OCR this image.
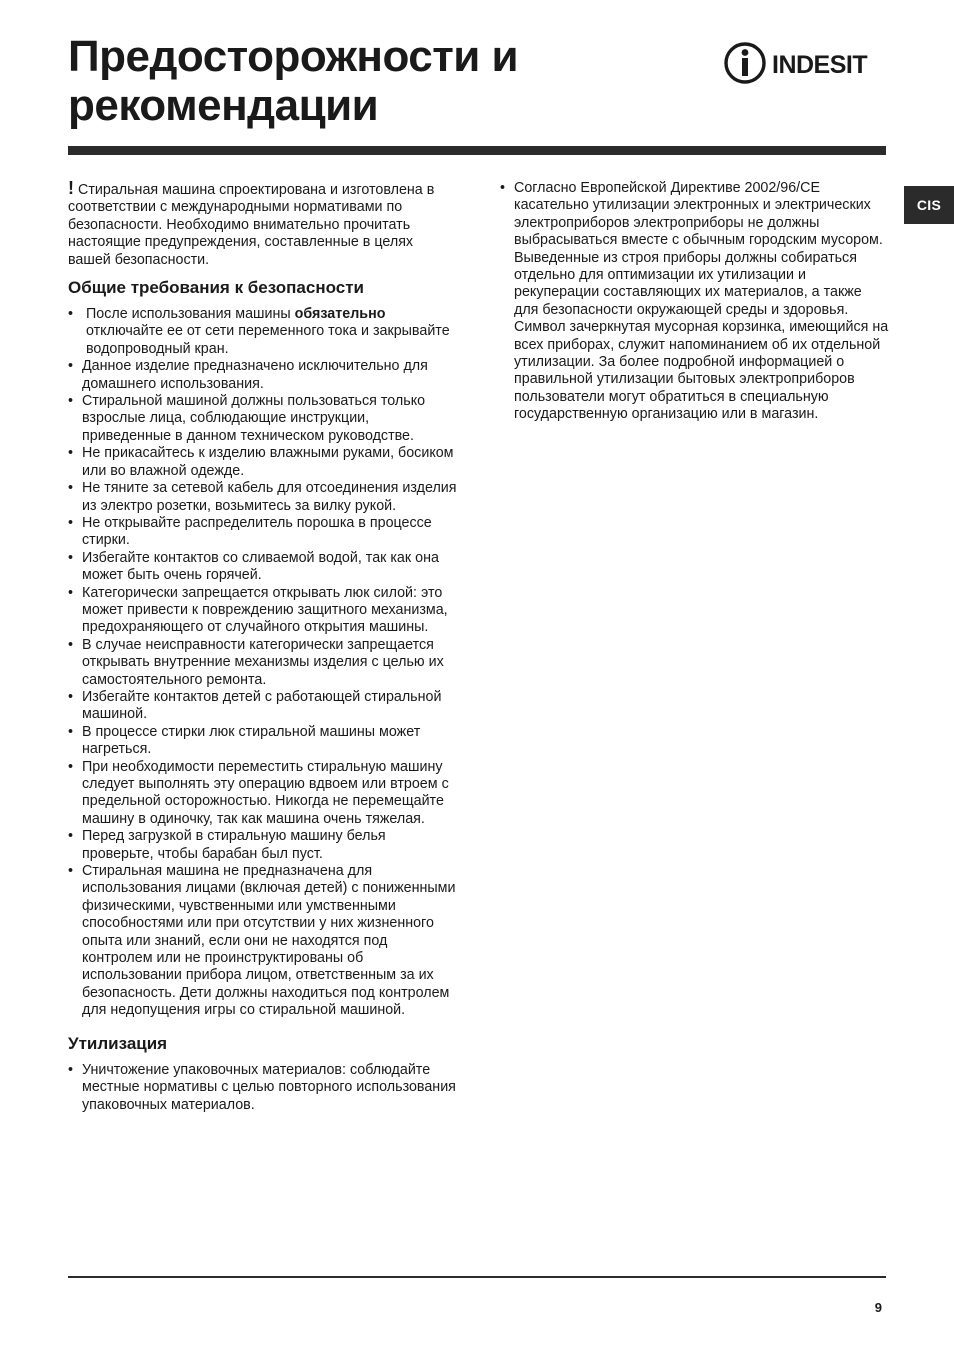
Предосторожности и
рекомендации
INDESIT
CIS

! Стиральная машина спроектирована и изготовлена в соответствии с международными нормативами по безопасности. Необходимо внимательно прочитать настоящие предупреждения, составленные в целях вашей безопасности.

Общие требования к безопасности
• После использования машины обязательно отключайте ее от сети переменного тока и закрывайте водопроводный кран.
• Данное изделие предназначено исключительно для домашнего использования.
• Стиральной машиной должны пользоваться только взрослые лица, соблюдающие инструкции, приведенные в данном техническом руководстве.
• Не прикасайтесь к изделию влажными руками, босиком или во влажной одежде.
• Не тяните за сетевой кабель для отсоединения изделия из электро розетки, возьмитесь за вилку рукой.
• Не открывайте распределитель порошка в процессе стирки.
• Избегайте контактов со сливаемой водой, так как она может быть очень горячей.
• Категорически запрещается открывать люк силой: это может привести к повреждению защитного механизма, предохраняющего от случайного открытия машины.
• В случае неисправности категорически запрещается открывать внутренние механизмы изделия с целью их самостоятельного ремонта.
• Избегайте контактов детей с работающей стиральной машиной.
• В процессе стирки люк стиральной машины может нагреться.
• При необходимости переместить стиральную машину следует выполнять эту операцию вдвоем или втроем с предельной осторожностью. Никогда не перемещайте машину в одиночку, так как машина очень тяжелая.
• Перед загрузкой в стиральную машину белья проверьте, чтобы барабан был пуст.
• Стиральная машина не предназначена для использования лицами (включая детей) с пониженными физическими, чувственными или умственными способностями или при отсутствии у них жизненного опыта или знаний, если они не находятся под контролем или не проинструктированы об использовании прибора лицом, ответственным за их безопасность. Дети должны находиться под контролем для недопущения игры со стиральной машиной.
Утилизация
• Уничтожение упаковочных материалов: соблюдайте местные нормативы с целью повторного использования упаковочных материалов.
• Согласно Европейской Директиве 2002/96/CE касательно утилизации электронных и электрических электроприборов электроприборы не должны выбрасываться вместе с обычным городским мусором. Выведенные из строя приборы должны собираться отдельно для оптимизации их утилизации и рекуперации составляющих их материалов, а также для безопасности окружающей среды и здоровья. Символ зачеркнутая мусорная корзинка, имеющийся на всех приборах, служит напоминанием об их отдельной утилизации. За более подробной информацией о правильной утилизации бытовых электроприборов пользователи могут обратиться в специальную государственную организацию или в магазин.
9
